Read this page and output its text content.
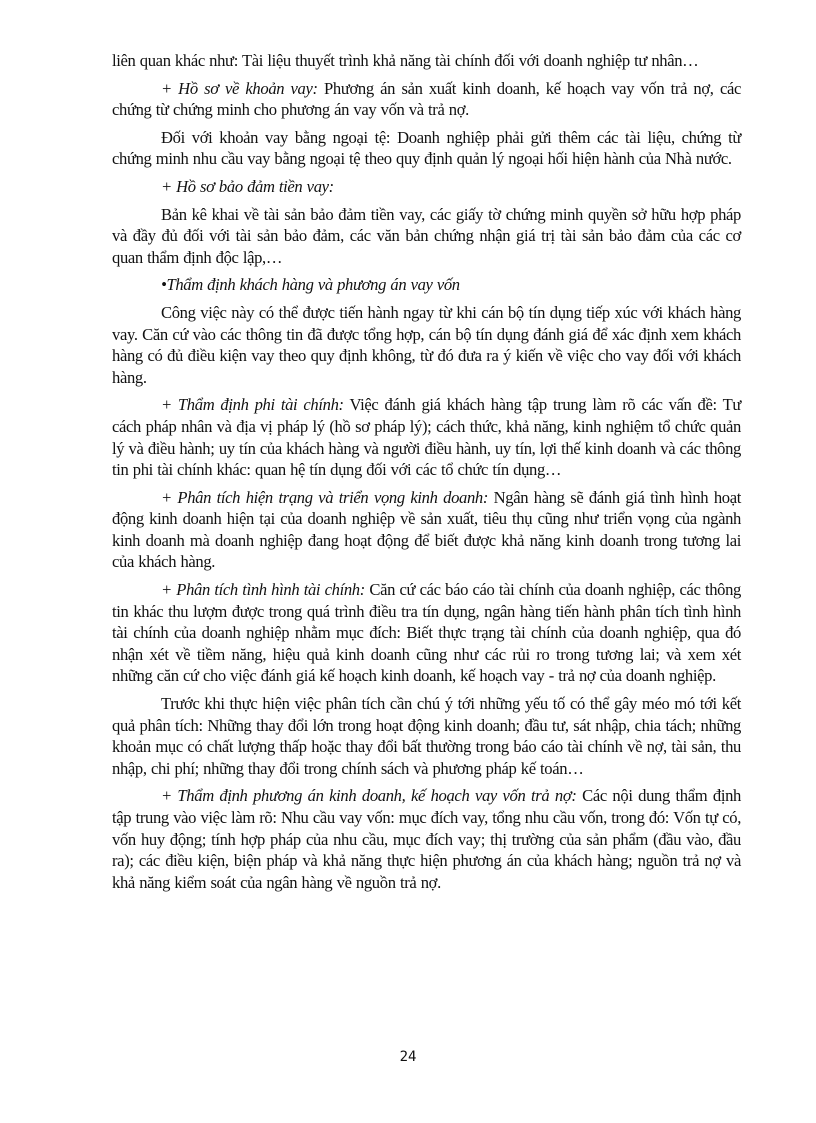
liên quan khác như: Tài liệu thuyết trình khả năng tài chính đối với doanh nghiệp tư nhân…

+ Hồ sơ về khoản vay: Phương án sản xuất kinh doanh, kế hoạch vay vốn trả nợ, các chứng từ chứng minh cho phương án vay vốn và trả nợ.

Đối với khoản vay bằng ngoại tệ: Doanh nghiệp phải gửi thêm các tài liệu, chứng từ chứng minh nhu cầu vay bằng ngoại tệ theo quy định quản lý ngoại hối hiện hành của Nhà nước.

+ Hồ sơ bảo đảm tiền vay:

Bản kê khai về tài sản bảo đảm tiền vay, các giấy tờ chứng minh quyền sở hữu hợp pháp và đầy đủ đối với tài sản bảo đảm, các văn bản chứng nhận giá trị tài sản bảo đảm của các cơ quan thẩm định độc lập,…

•Thẩm định khách hàng và phương án vay vốn

Công việc này có thể được tiến hành ngay từ khi cán bộ tín dụng tiếp xúc với khách hàng vay. Căn cứ vào các thông tin đã được tổng hợp, cán bộ tín dụng đánh giá để xác định xem khách hàng có đủ điều kiện vay theo quy định không, từ đó đưa ra ý kiến về việc cho vay đối với khách hàng.

+ Thẩm định phi tài chính: Việc đánh giá khách hàng tập trung làm rõ các vấn đề: Tư cách pháp nhân và địa vị pháp lý (hồ sơ pháp lý); cách thức, khả năng, kinh nghiệm tổ chức quản lý và điều hành; uy tín của khách hàng và người điều hành, uy tín, lợi thế kinh doanh và các thông tin phi tài chính khác: quan hệ tín dụng đối với các tổ chức tín dụng…

+ Phân tích hiện trạng và triển vọng kinh doanh: Ngân hàng sẽ đánh giá tình hình hoạt động kinh doanh hiện tại của doanh nghiệp về sản xuất, tiêu thụ cũng như triển vọng của ngành kinh doanh mà doanh nghiệp đang hoạt động để biết được khả năng kinh doanh trong tương lai của khách hàng.

+ Phân tích tình hình tài chính: Căn cứ các báo cáo tài chính của doanh nghiệp, các thông tin khác thu lượm được trong quá trình điều tra tín dụng, ngân hàng tiến hành phân tích tình hình tài chính của doanh nghiệp nhằm mục đích: Biết thực trạng tài chính của doanh nghiệp, qua đó nhận xét về tiềm năng, hiệu quả kinh doanh cũng như các rủi ro trong tương lai; và xem xét những căn cứ cho việc đánh giá kế hoạch kinh doanh, kế hoạch vay - trả nợ của doanh nghiệp.

Trước khi thực hiện việc phân tích cần chú ý tới những yếu tố có thể gây méo mó tới kết quả phân tích: Những thay đổi lớn trong hoạt động kinh doanh; đầu tư, sát nhập, chia tách; những khoản mục có chất lượng thấp hoặc thay đổi bất thường trong báo cáo tài chính về nợ, tài sản, thu nhập, chi phí; những thay đổi trong chính sách và phương pháp kế toán…

+ Thẩm định phương án kinh doanh, kế hoạch vay vốn trả nợ: Các nội dung thẩm định tập trung vào việc làm rõ: Nhu cầu vay vốn: mục đích vay, tổng nhu cầu vốn, trong đó: Vốn tự có, vốn huy động; tính hợp pháp của nhu cầu, mục đích vay; thị trường của sản phẩm (đầu vào, đầu ra); các điều kiện, biện pháp và khả năng thực hiện phương án của khách hàng; nguồn trả nợ và khả năng kiểm soát của ngân hàng về nguồn trả nợ.

24
